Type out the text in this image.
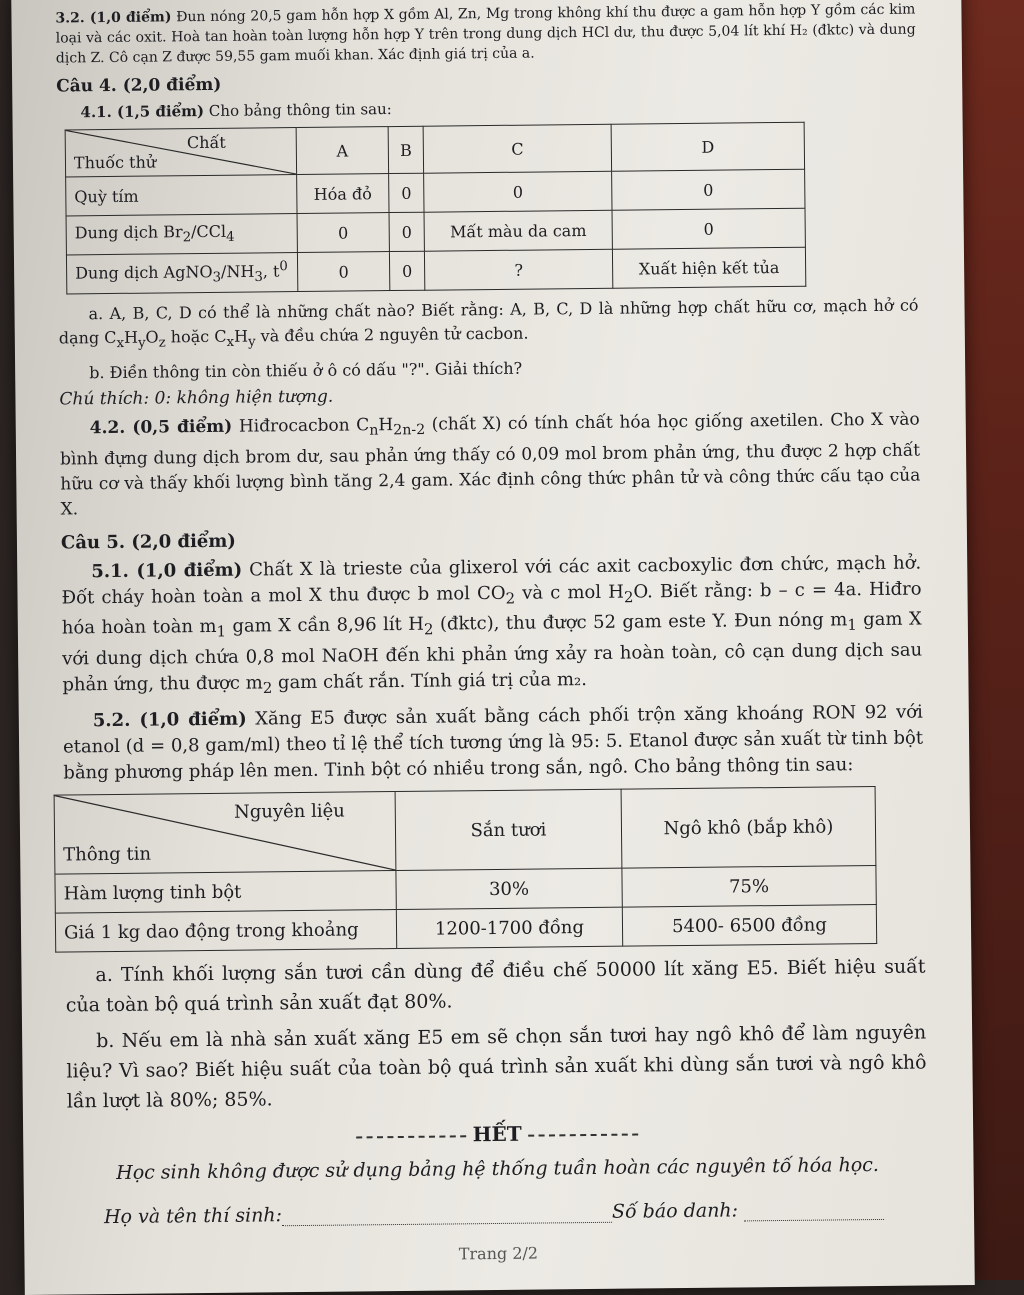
3.2. (1,0 điểm) Đun nóng 20,5 gam hỗn hợp X gồm Al, Zn, Mg trong không khí thu được a gam hỗn hợp Y gồm các kim loại và các oxit. Hoà tan hoàn toàn lượng hỗn hợp Y trên trong dung dịch HCl dư, thu được 5,04 lít khí H₂ (đktc) và dung dịch Z. Cô cạn Z được 59,55 gam muối khan. Xác định giá trị của a.

Câu 4. (2,0 điểm)

4.1. (1,5 điểm) Cho bảng thông tin sau:

Chất
Thuốc thử	A	B	C	D
Quỳ tím	Hóa đỏ	0	0	0
Dung dịch $Br_2/CCl_4$	0	0	Mất màu da cam	0
Dung dịch $AgNO_3/NH_3$, $t^0$	0	0	?	Xuất hiện kết tủa

a. A, B, C, D có thể là những chất nào? Biết rằng: A, B, C, D là những hợp chất hữu cơ, mạch hở có dạng $C_xH_yO_z$ hoặc $C_xH_y$ và đều chứa 2 nguyên tử cacbon.

b. Điền thông tin còn thiếu ở ô có dấu "?". Giải thích?

Chú thích: 0: không hiện tượng.

4.2. (0,5 điểm) Hiđrocacbon $C_nH_{2n-2}$ (chất X) có tính chất hóa học giống axetilen. Cho X vào bình đựng dung dịch brom dư, sau phản ứng thấy có 0,09 mol brom phản ứng, thu được 2 hợp chất hữu cơ và thấy khối lượng bình tăng 2,4 gam. Xác định công thức phân tử và công thức cấu tạo của X.

Câu 5. (2,0 điểm)

5.1. (1,0 điểm) Chất X là trieste của glixerol với các axit cacboxylic đơn chức, mạch hở. Đốt cháy hoàn toàn a mol X thu được b mol $CO_2$ và c mol $H_2O$. Biết rằng: b – c = 4a. Hiđro hóa hoàn toàn $m_1$ gam X cần 8,96 lít $H_2$ (đktc), thu được 52 gam este Y. Đun nóng $m_1$ gam X với dung dịch chứa 0,8 mol NaOH đến khi phản ứng xảy ra hoàn toàn, cô cạn dung dịch sau phản ứng, thu được $m_2$ gam chất rắn. Tính giá trị của m₂.

5.2. (1,0 điểm) Xăng E5 được sản xuất bằng cách phối trộn xăng khoáng RON 92 với etanol (d = 0,8 gam/ml) theo tỉ lệ thể tích tương ứng là 95: 5. Etanol được sản xuất từ tinh bột bằng phương pháp lên men. Tinh bột có nhiều trong sắn, ngô. Cho bảng thông tin sau:

Nguyên liệu
Thông tin	Sắn tươi	Ngô khô (bắp khô)
Hàm lượng tinh bột	30%	75%
Giá 1 kg dao động trong khoảng	1200-1700 đồng	5400- 6500 đồng

a. Tính khối lượng sắn tươi cần dùng để điều chế 50000 lít xăng E5. Biết hiệu suất của toàn bộ quá trình sản xuất đạt 80%.

b. Nếu em là nhà sản xuất xăng E5 em sẽ chọn sắn tươi hay ngô khô để làm nguyên liệu? Vì sao? Biết hiệu suất của toàn bộ quá trình sản xuất khi dùng sắn tươi và ngô khô lần lượt là 80%; 85%.

HẾT

Học sinh không được sử dụng bảng hệ thống tuần hoàn các nguyên tố hóa học.

Họ và tên thí sinh:	Số báo danh:

Trang 2/2
